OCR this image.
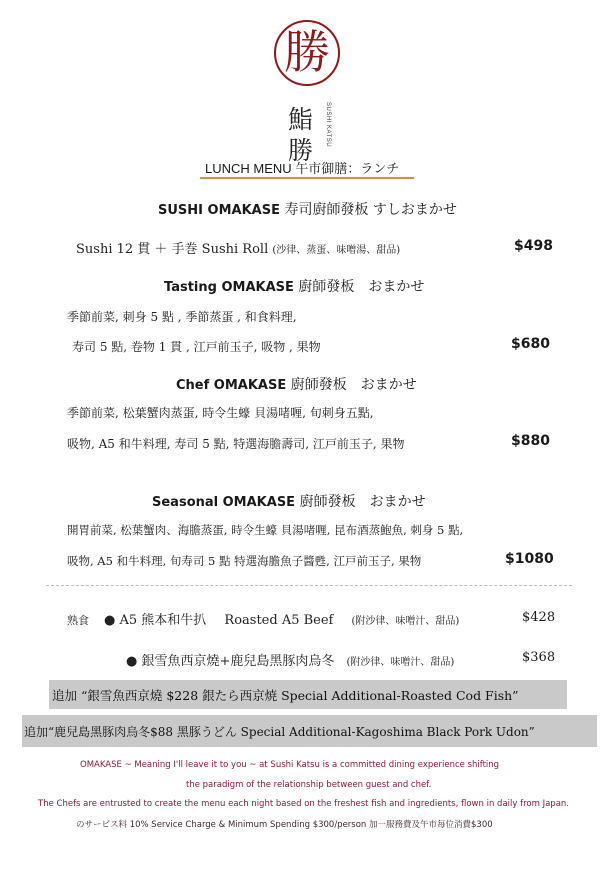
勝
鮨
勝
SUSHI KATSU
LUNCH MENU 午市御膳：ランチ
SUSHI OMAKASE 寿司廚師發板 すしおまかせ
Sushi 12 貫 ＋ 手巻 Sushi Roll (沙律、蒸蛋、味噌湯、甜品)	$498
Tasting OMAKASE 廚師發板　おまかせ
季節前菜, 刺身 5 點 , 季節蒸蛋 , 和食料理,
寿司 5 點, 卷物 1 貫 , 江戸前玉子, 吸物 , 果物	$680
Chef OMAKASE 廚師發板　おまかせ
季節前菜, 松葉蟹肉蒸蛋, 時令生蠔 貝湯啫喱, 旬刺身五點,
吸物, A5 和牛料理, 寿司 5 點, 特選海膽壽司, 江戸前玉子, 果物	$880
Seasonal OMAKASE 廚師發板　おまかせ
開胃前菜, 松葉蟹肉、海膽蒸蛋, 時令生蠔 貝湯啫喱, 昆布酒蒸鮑魚, 刺身 5 點,
吸物, A5 和牛料理, 旬寿司 5 點 特選海膽魚子醬甦, 江戸前玉子, 果物	$1080
熟食 ● A5 熊本和牛扒 Roasted A5 Beef (附沙律、味噌汁、甜品)	$428
● 銀雪魚西京燒+鹿兒島黑豚肉烏冬 (附沙律、味噌汁、甜品)	$368
追加 “銀雪魚西京燒 $228 銀たら西京焼 Special Additional-Roasted Cod Fish”
追加“鹿兒島黑豚肉烏冬$88 黑豚うどん Special Additional-Kagoshima Black Pork Udon”
OMAKASE ~ Meaning I'll leave it to you ~ at Sushi Katsu is a committed dining experience shifting
the paradigm of the relationship between guest and chef.
The Chefs are entrusted to create the menu each night based on the freshest fish and ingredients, flown in daily from Japan.
のサービス料 10% Service Charge & Minimum Spending $300/person 加一服務費及午市每位消費$300
